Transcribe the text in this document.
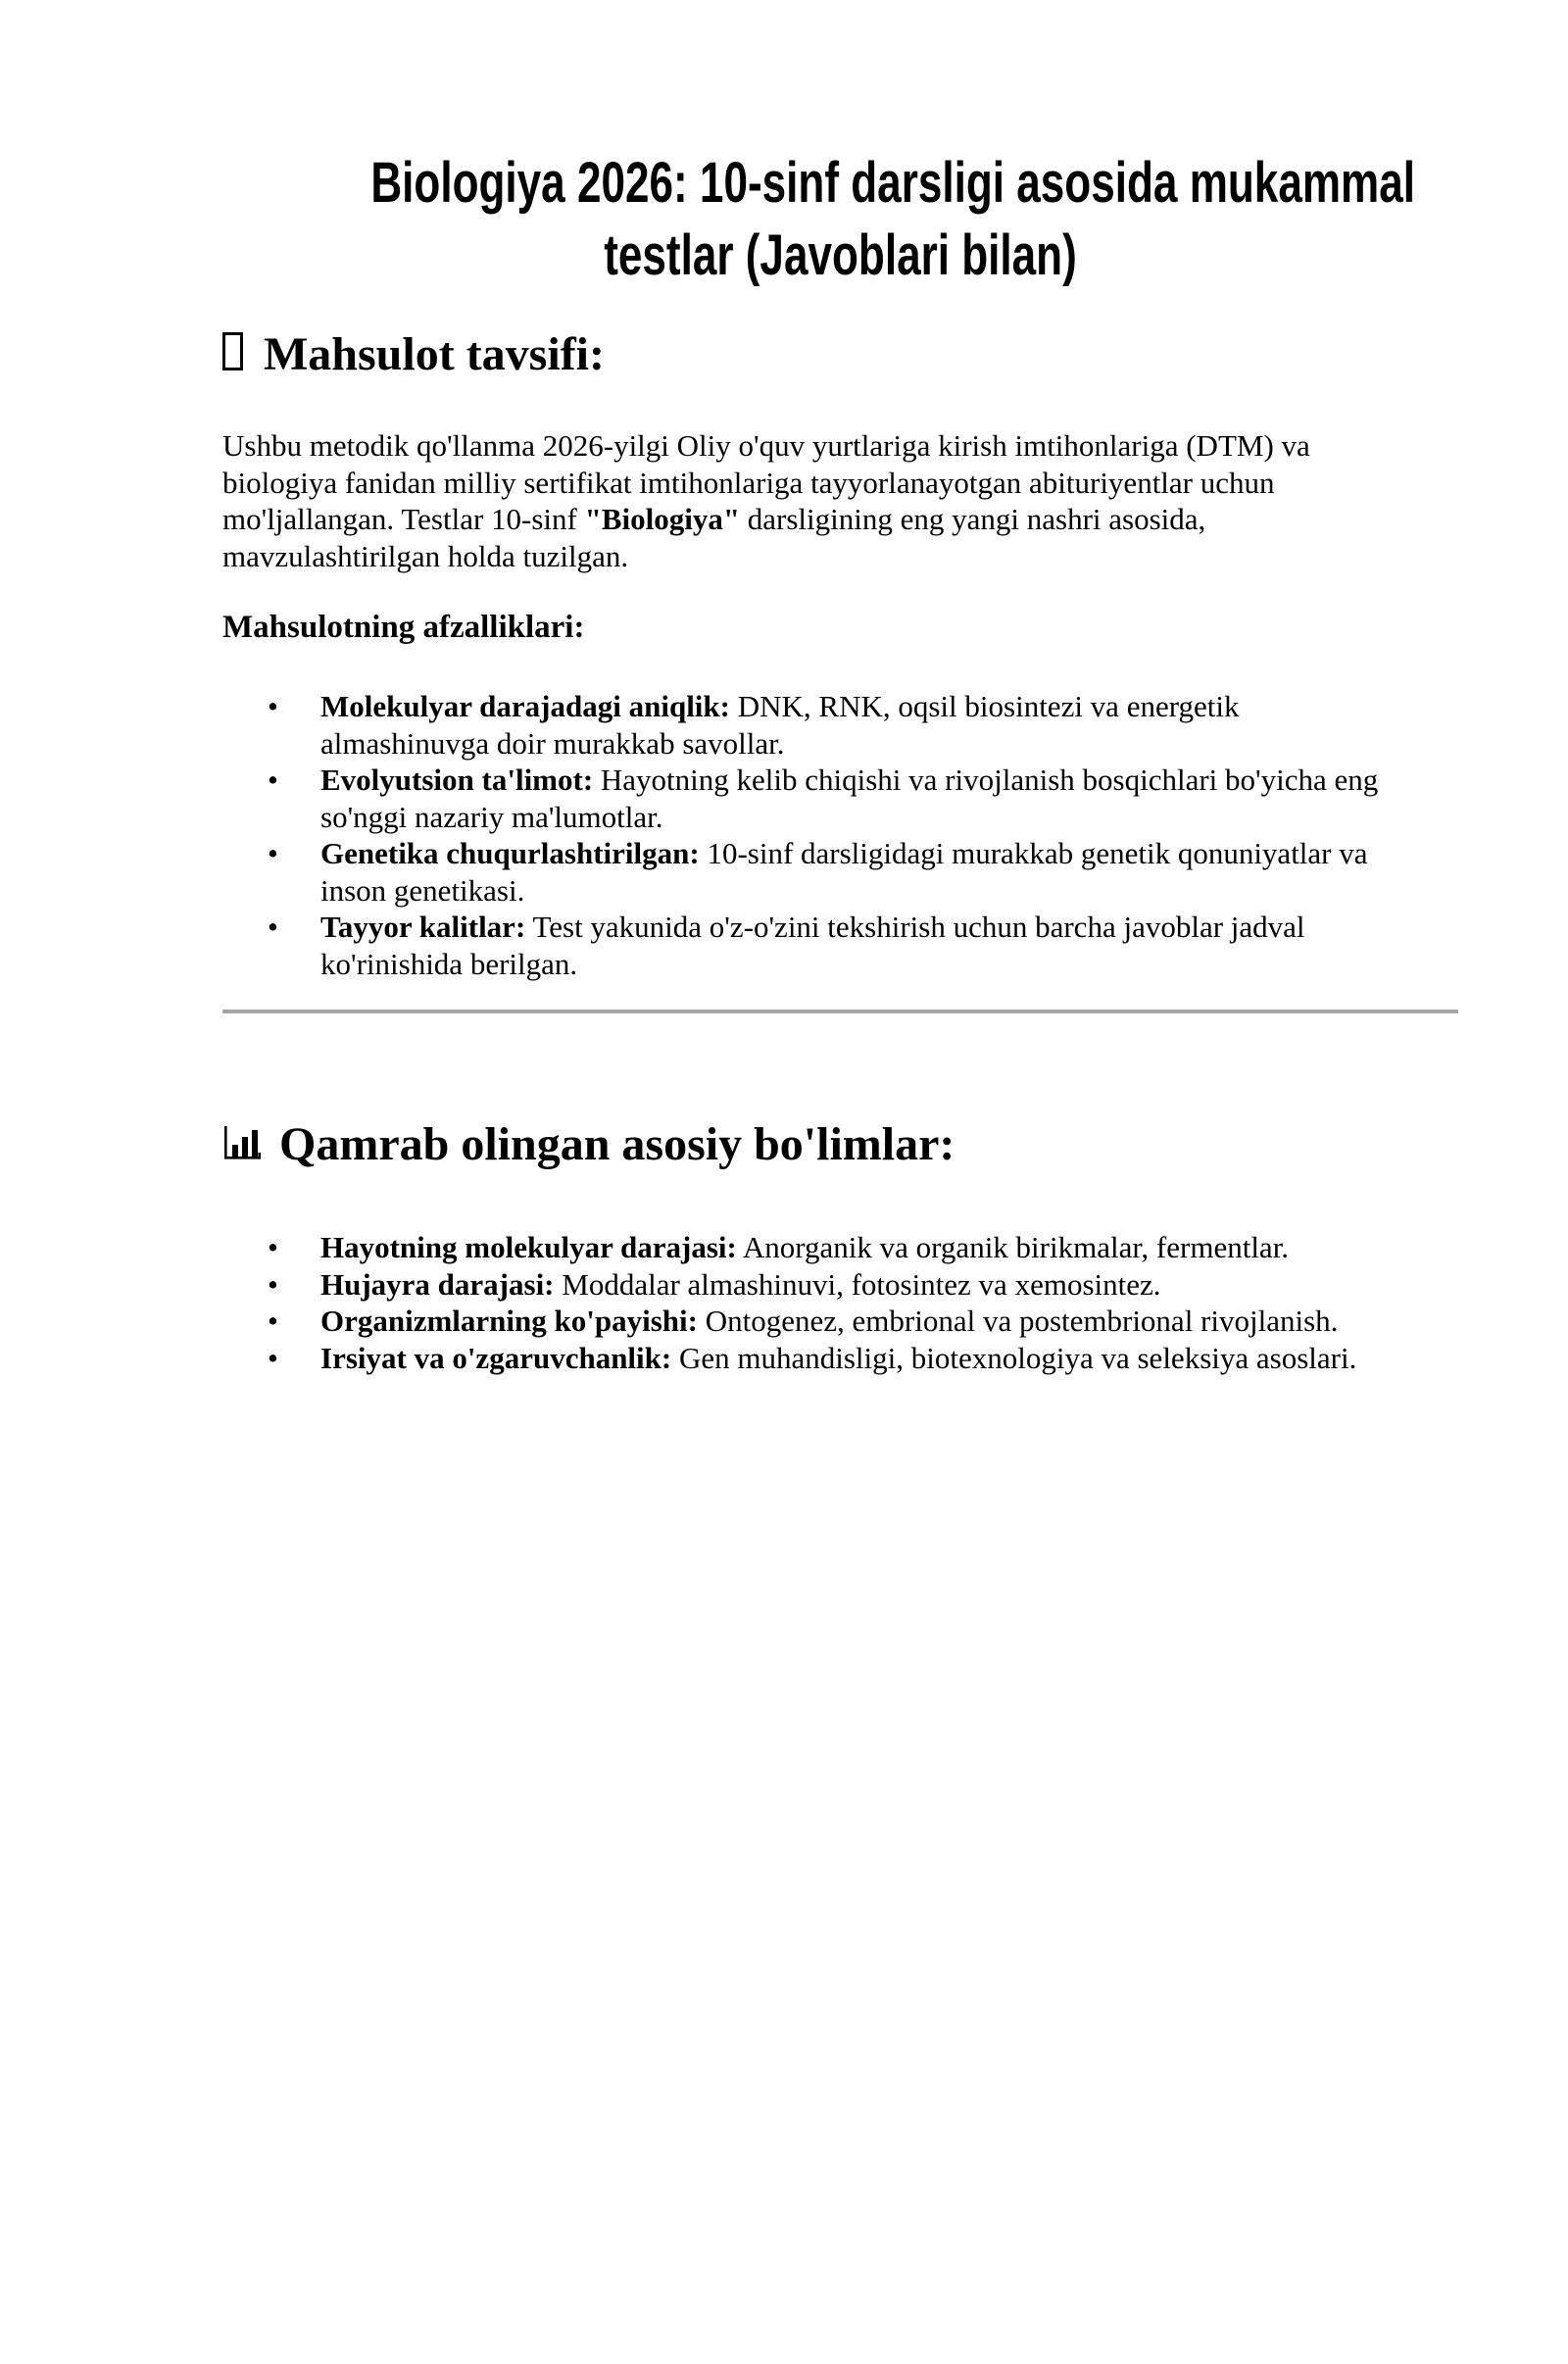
Biologiya 2026: 10-sinf darsligi asosida mukammal
testlar (Javoblari bilan)
Mahsulot tavsifi:

Ushbu metodik qo'llanma 2026-yilgi Oliy o'quv yurtlariga kirish imtihonlariga (DTM) va
biologiya fanidan milliy sertifikat imtihonlariga tayyorlanayotgan abituriyentlar uchun
mo'ljallangan. Testlar 10-sinf "Biologiya" darsligining eng yangi nashri asosida,
mavzulashtirilgan holda tuzilgan.

Mahsulotning afzalliklari:

• Molekulyar darajadagi aniqlik: DNK, RNK, oqsil biosintezi va energetik
almashinuvga doir murakkab savollar.
• Evolyutsion ta'limot: Hayotning kelib chiqishi va rivojlanish bosqichlari bo'yicha eng
so'nggi nazariy ma'lumotlar.
• Genetika chuqurlashtirilgan: 10-sinf darsligidagi murakkab genetik qonuniyatlar va
inson genetikasi.
• Tayyor kalitlar: Test yakunida o'z-o'zini tekshirish uchun barcha javoblar jadval
ko'rinishida berilgan.
Qamrab olingan asosiy bo'limlar:
• Hayotning molekulyar darajasi: Anorganik va organik birikmalar, fermentlar.
• Hujayra darajasi: Moddalar almashinuvi, fotosintez va xemosintez.
• Organizmlarning ko'payishi: Ontogenez, embrional va postembrional rivojlanish.
• Irsiyat va o'zgaruvchanlik: Gen muhandisligi, biotexnologiya va seleksiya asoslari.
